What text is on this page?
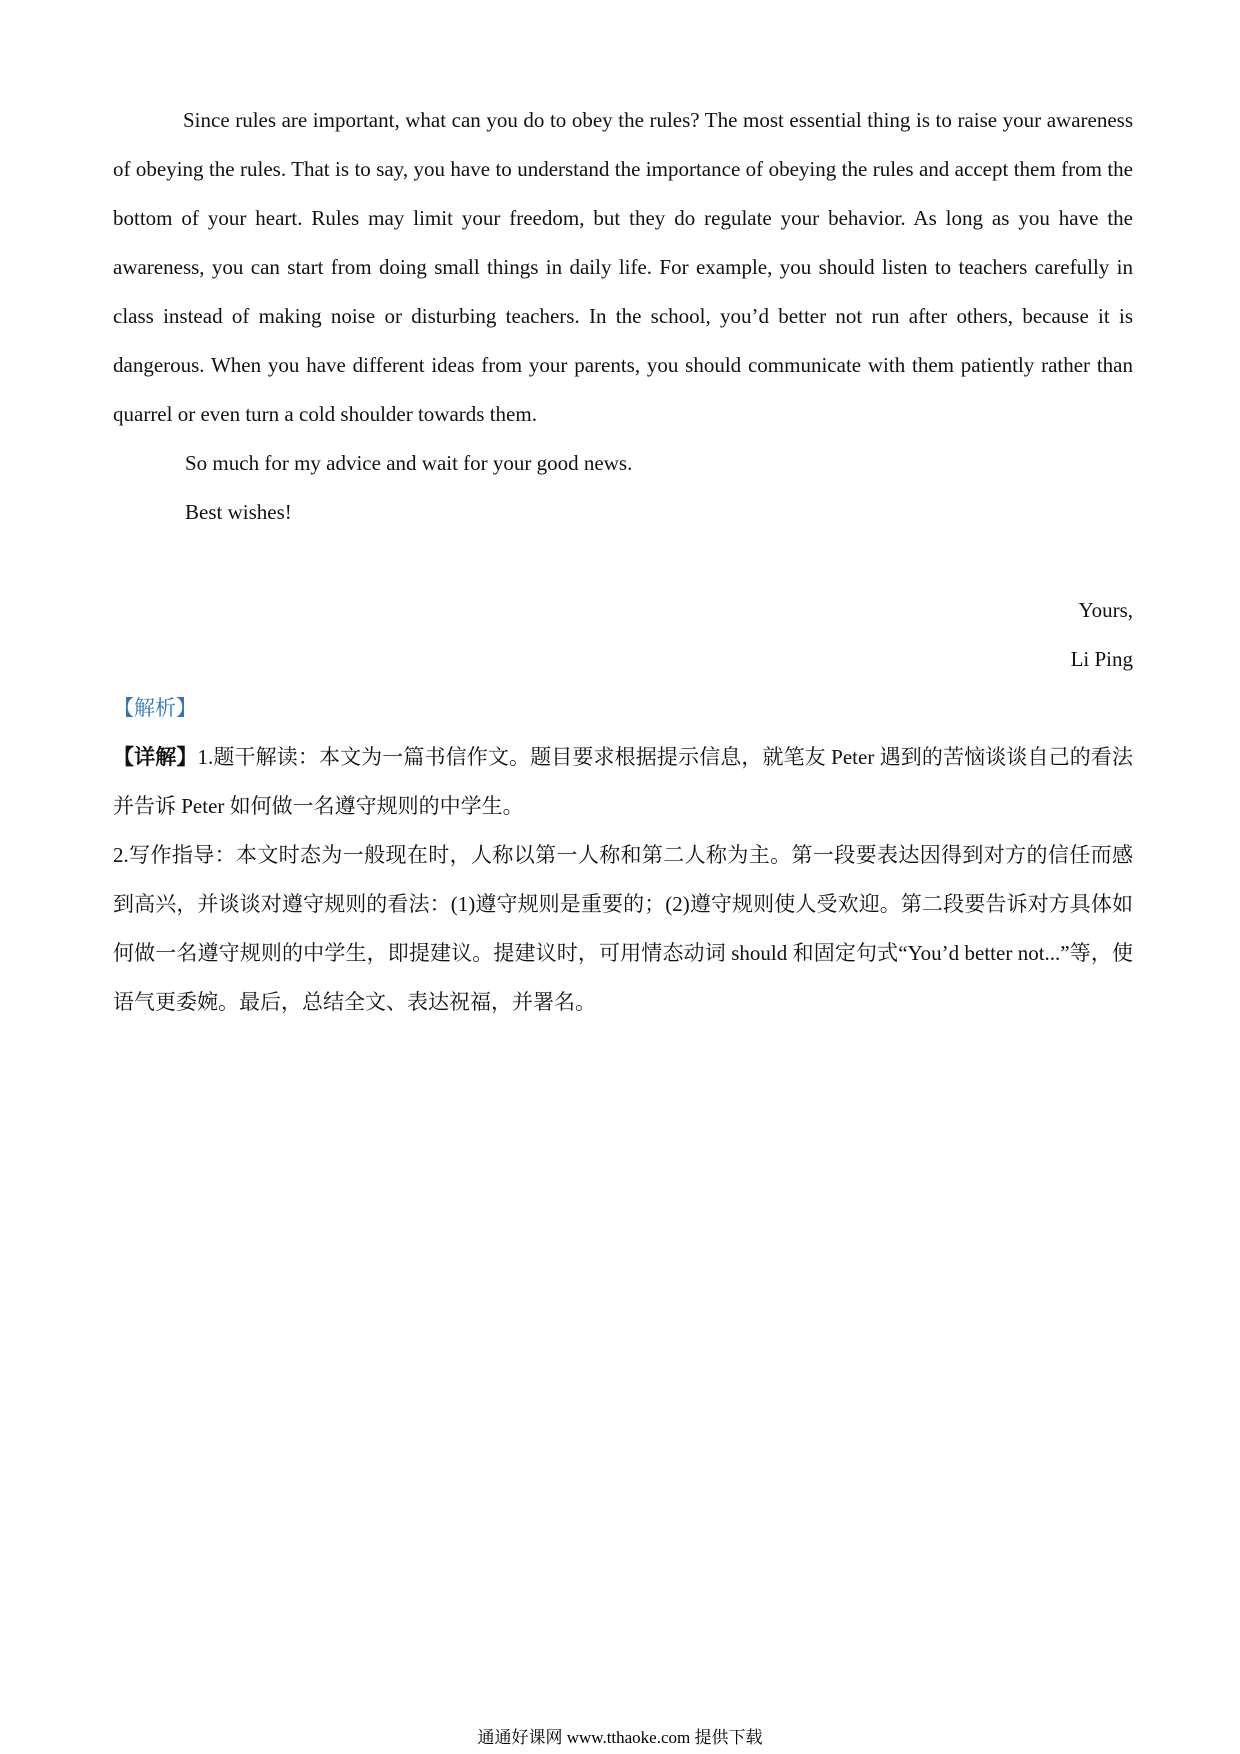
Since rules are important, what can you do to obey the rules? The most essential thing is to raise your awareness of obeying the rules. That is to say, you have to understand the importance of obeying the rules and accept them from the bottom of your heart. Rules may limit your freedom, but they do regulate your behavior. As long as you have the awareness, you can start from doing small things in daily life. For example, you should listen to teachers carefully in class instead of making noise or disturbing teachers. In the school, you’d better not run after others, because it is dangerous. When you have different ideas from your parents, you should communicate with them patiently rather than quarrel or even turn a cold shoulder towards them.

So much for my advice and wait for your good news.

Best wishes!

Yours,

Li Ping

【解析】

【详解】1.题干解读：本文为一篇书信作文。题目要求根据提示信息，就笔友 Peter 遇到的苦恼谈谈自己的看法并告诉 Peter 如何做一名遵守规则的中学生。

2.写作指导：本文时态为一般现在时，人称以第一人称和第二人称为主。第一段要表达因得到对方的信任而感到高兴，并谈谈对遵守规则的看法：(1)遵守规则是重要的；(2)遵守规则使人受欢迎。第二段要告诉对方具体如何做一名遵守规则的中学生，即提建议。提建议时，可用情态动词 should 和固定句式“You’d better not...”等，使语气更委婉。最后，总结全文、表达祝福，并署名。

通通好课网 www.tthaoke.com 提供下载
